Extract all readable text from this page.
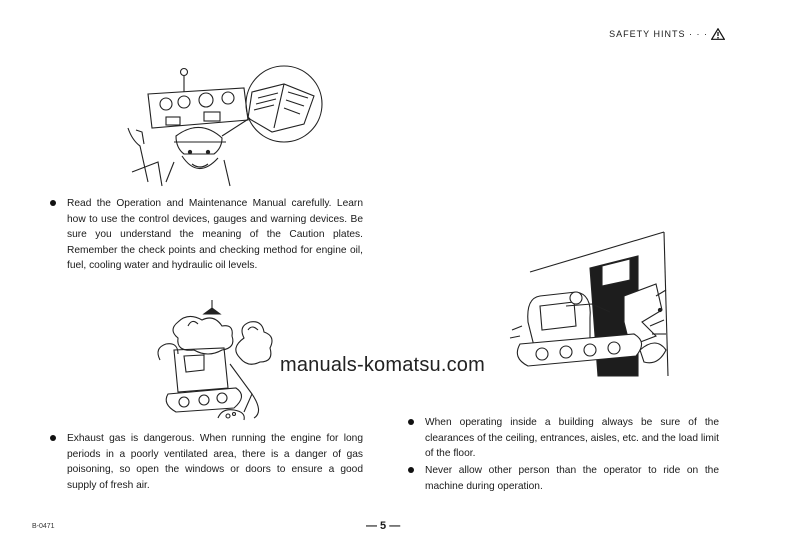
SAFETY HINTS · · ·

Read the Operation and Maintenance Manual carefully. Learn how to use the control devices, gauges and warning devices. Be sure you understand the meaning of the Caution plates. Remember the check points and checking method for engine oil, fuel, cooling water and hydraulic oil levels.

Exhaust gas is dangerous. When running the engine for long periods in a poorly ventilated area, there is a danger of gas poisoning, so open the windows or doors to ensure a good supply of fresh air.

When operating inside a building always be sure of the clearances of the ceiling, entrances, aisles, etc. and the load limit of the floor.

Never allow other person than the operator to ride on the machine during operation.

manuals-komatsu.com
B-0471	— 5 —
